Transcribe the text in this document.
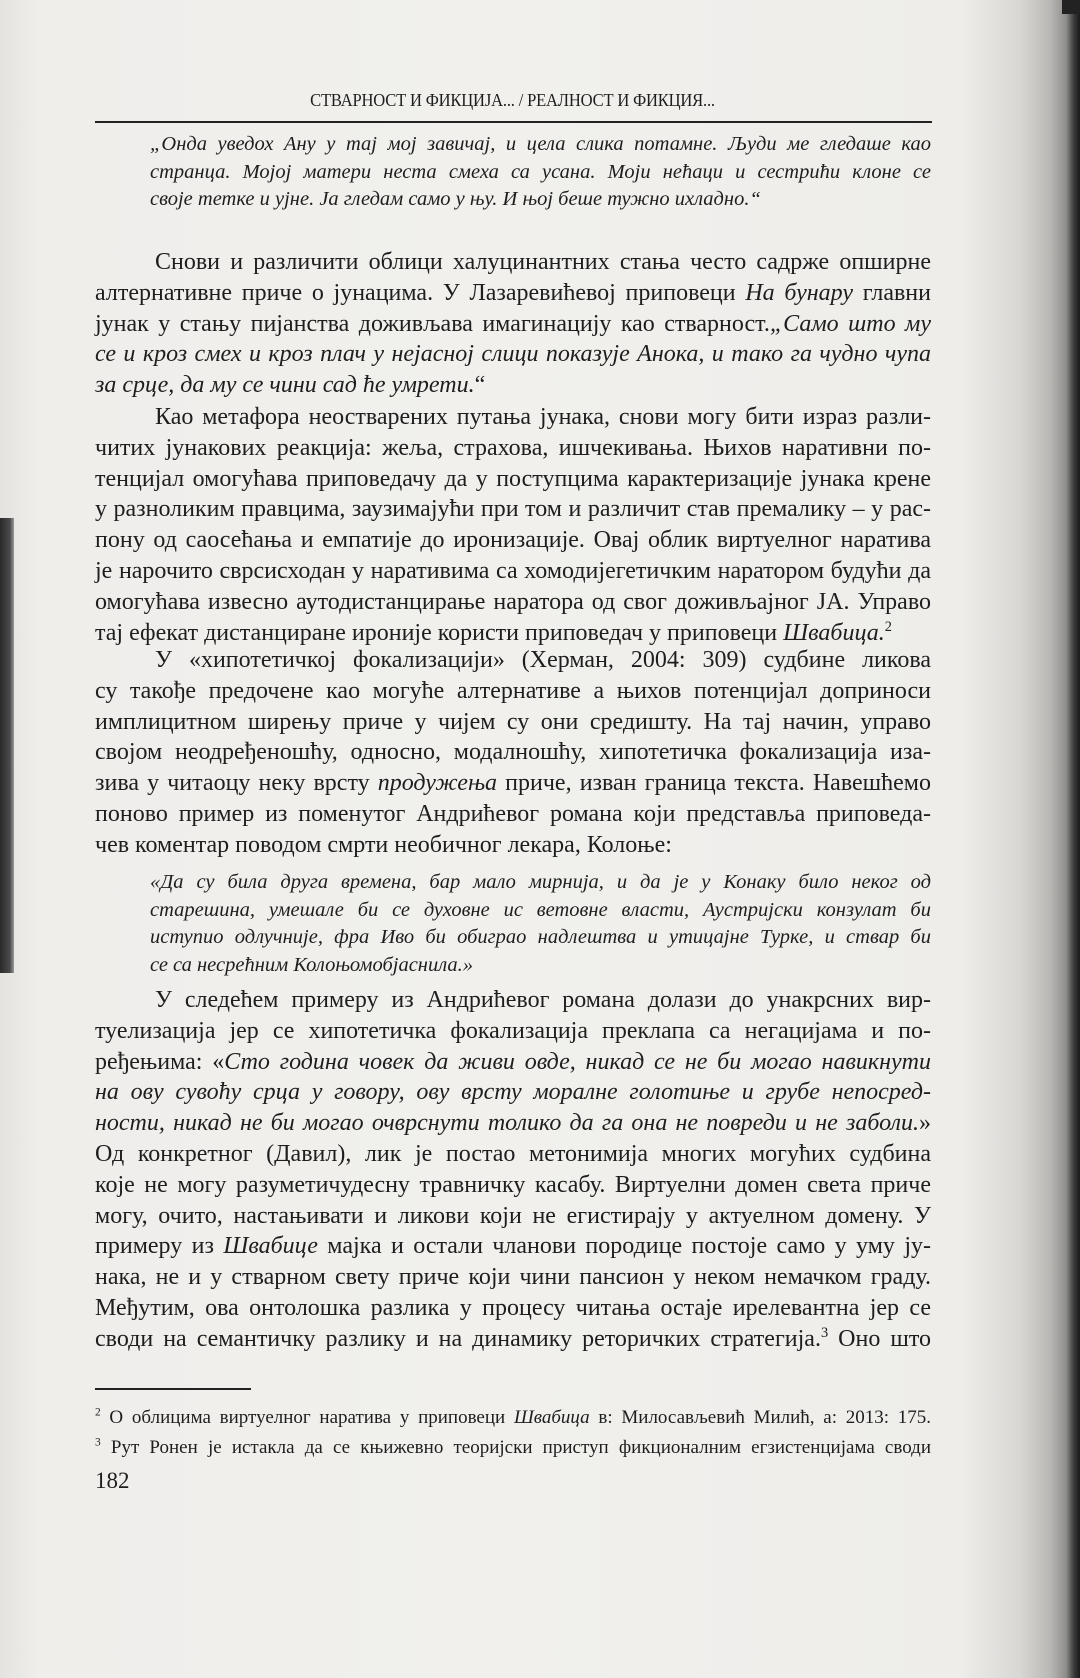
СТВАРНОСТ И ФИКЦИЈА... / РЕАЛНОСТ И ФИКЦИЯ...
„Онда уведох Ану у тај мој завичај, и цела слика потамне. Људи ме гледаше као
странца. Мојој матери неста смеха са усана. Моји нећаци и сестрићи клоне се
своје тетке и ујне. Ја гледам само у њу. И њој беше тужно ихладно.“
Снови и различити облици халуцинантних стања често садрже опширне
алтернативне приче о јунацима. У Лазаревићевој приповеци На бунару главни
јунак у стању пијанства доживљава имагинацију као стварност.„Само што му
се и кроз смех и кроз плач у нејасној слици показује Анока, и тако га чудно чупа
за срце, да му се чини сад ће умрети.“
Као метафора неостварених путања јунака, снови могу бити израз разли-
читих јунакових реакција: жеља, страхова, ишчекивања. Њихов наративни по-
тенцијал омогућава приповедачу да у поступцима карактеризације јунака крене
у разноликим правцима, заузимајући при том и различит став премалику – у рас-
пону од саосећања и емпатије до иронизације. Овај облик виртуелног наратива
је нарочито сврсисходан у наративима са хомодијегетичким наратором будући да
омогућава извесно аутодистанцирање наратора од свог доживљајног ЈА. Управо
тај ефекат дистанциране ироније користи приповедач у приповеци Швабица.$^2$
У «хипотетичкој фокализацији» (Херман, 2004: 309) судбине ликова
су такође предочене као могуће алтернативе а њихов потенцијал доприноси
имплицитном ширењу приче у чијем су они средишту. На тај начин, управо
својом неодређеношћу, односно, модалношћу, хипотетичка фокализација иза-
зива у читаоцу неку врсту продужења приче, изван граница текста. Навешћемо
поново пример из поменутог Андрићевог романа који представља приповеда-
чев коментар поводом смрти необичног лекара, Колоње:
«Да су била друга времена, бар мало мирнија, и да је у Конаку било неког од
старешина, умешале би се духовне ис ветовне власти, Аустријски конзулат би
иступио одлучније, фра Иво би обиграо надлештва и утицајне Турке, и ствар би
се са несрећним Колоњомобјаснила.»
У следећем примеру из Андрићевог романа долази до унакрсних вир-
туелизација јер се хипотетичка фокализација преклапа са негацијама и по-
ређењима: «Сто година човек да живи овде, никад се не би могао навикнути
на ову сувоћу срца у говору, ову врсту моралне голотиње и грубе непосред-
ности, никад не би могао очврснути толико да га она не повреди и не заболи.»
Од конкретног (Давил), лик је постао метонимија многих могућих судбина
које не могу разуметичудесну травничку касабу. Виртуелни домен света приче
могу, очито, настањивати и ликови који не егистирају у актуелном домену. У
примеру из Швабице мајка и остали чланови породице постоје само у уму ју-
нака, не и у стварном свету приче који чини пансион у неком немачком граду.
Међутим, ова онтолошка разлика у процесу читања остаје ирелевантна јер се
своди на семантичку разлику и на динамику реторичких стратегија.$^3$ Оно што
$^2$ О облицима виртуелног наратива у приповеци Швабица в: Милосављевић Милић, а: 2013: 175.
$^3$ Рут Ронен је истакла да се књижевно теоријски приступ фикционалним егзистенцијама своди
182
